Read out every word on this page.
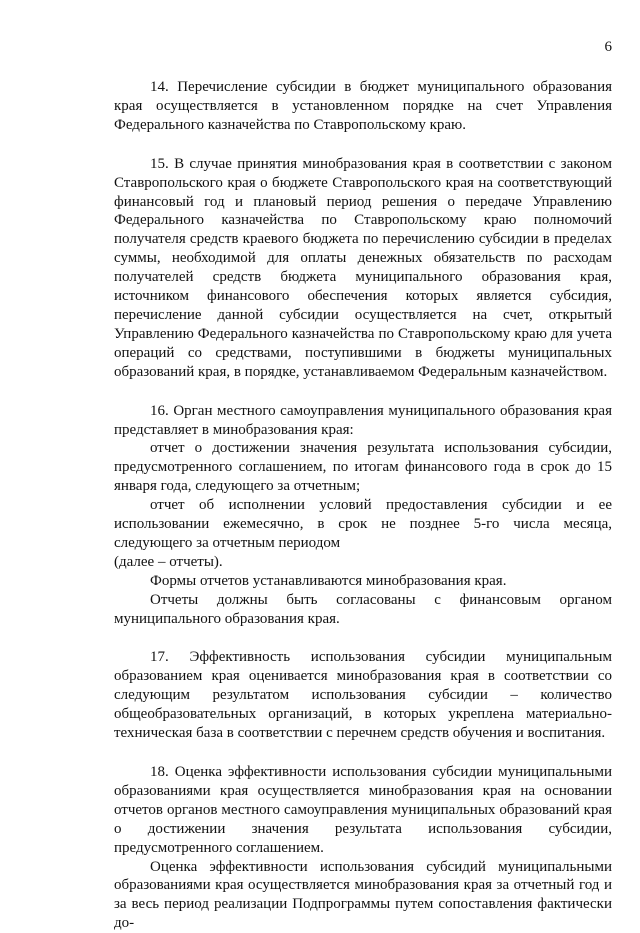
6

14. Перечисление субсидии в бюджет муниципального образования края осуществляется в установленном порядке на счет Управления Федерального казначейства по Ставропольскому краю.

15. В случае принятия минобразования края в соответствии с законом Ставропольского края о бюджете Ставропольского края на соответствующий финансовый год и плановый период решения о передаче Управлению Федерального казначейства по Ставропольскому краю полномочий получателя средств краевого бюджета по перечислению субсидии в пределах суммы, необходимой для оплаты денежных обязательств по расходам получателей средств бюджета муниципального образования края, источником финансового обеспечения которых является субсидия, перечисление данной субсидии осуществляется на счет, открытый Управлению Федерального казначейства по Ставропольскому краю для учета операций со средствами, поступившими в бюджеты муниципальных образований края, в порядке, устанавливаемом Федеральным казначейством.

16. Орган местного самоуправления муниципального образования края представляет в минобразования края:

отчет о достижении значения результата использования субсидии, предусмотренного соглашением, по итогам финансового года в срок до 15 января года, следующего за отчетным;

отчет об исполнении условий предоставления субсидии и ее использовании ежемесячно, в срок не позднее 5-го числа месяца, следующего за отчетным периодом

(далее – отчеты).

Формы отчетов устанавливаются минобразования края.

Отчеты должны быть согласованы с финансовым органом муниципального образования края.

17. Эффективность использования субсидии муниципальным образованием края оценивается минобразования края в соответствии со следующим результатом использования субсидии – количество общеобразовательных организаций, в которых укреплена материально-техническая база в соответствии с перечнем средств обучения и воспитания.

18. Оценка эффективности использования субсидии муниципальными образованиями края осуществляется минобразования края на основании отчетов органов местного самоуправления муниципальных образований края о достижении значения результата использования субсидии, предусмотренного соглашением.

Оценка эффективности использования субсидий муниципальными образованиями края осуществляется минобразования края за отчетный год и за весь период реализации Подпрограммы путем сопоставления фактически до-
